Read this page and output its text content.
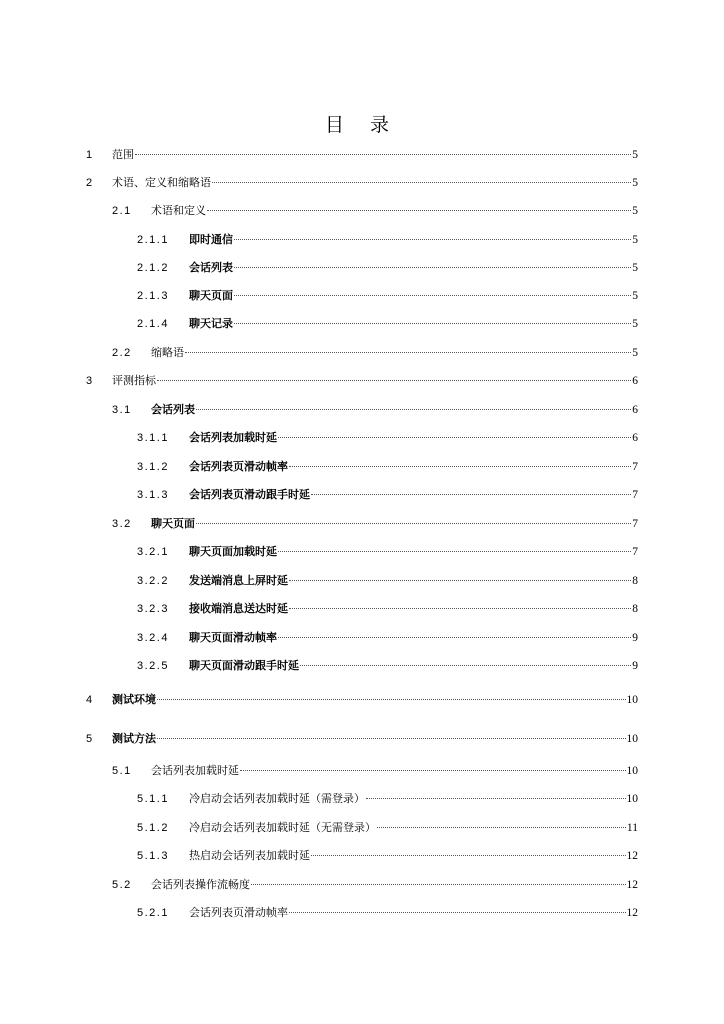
目 录
1 范围	5
2 术语、定义和缩略语	5
2.1 术语和定义	5
2.1.1 即时通信	5
2.1.2 会话列表	5
2.1.3 聊天页面	5
2.1.4 聊天记录	5
2.2 缩略语	5
3 评测指标	6
3.1 会话列表	6
3.1.1 会话列表加载时延	6
3.1.2 会话列表页滑动帧率	7
3.1.3 会话列表页滑动跟手时延	7
3.2 聊天页面	7
3.2.1 聊天页面加载时延	7
3.2.2 发送端消息上屏时延	8
3.2.3 接收端消息送达时延	8
3.2.4 聊天页面滑动帧率	9
3.2.5 聊天页面滑动跟手时延	9
4 测试环境	10
5 测试方法	10
5.1 会话列表加载时延	10
5.1.1 冷启动会话列表加载时延（需登录）	10
5.1.2 冷启动会话列表加载时延（无需登录）	11
5.1.3 热启动会话列表加载时延	12
5.2 会话列表操作流畅度	12
5.2.1 会话列表页滑动帧率	12
